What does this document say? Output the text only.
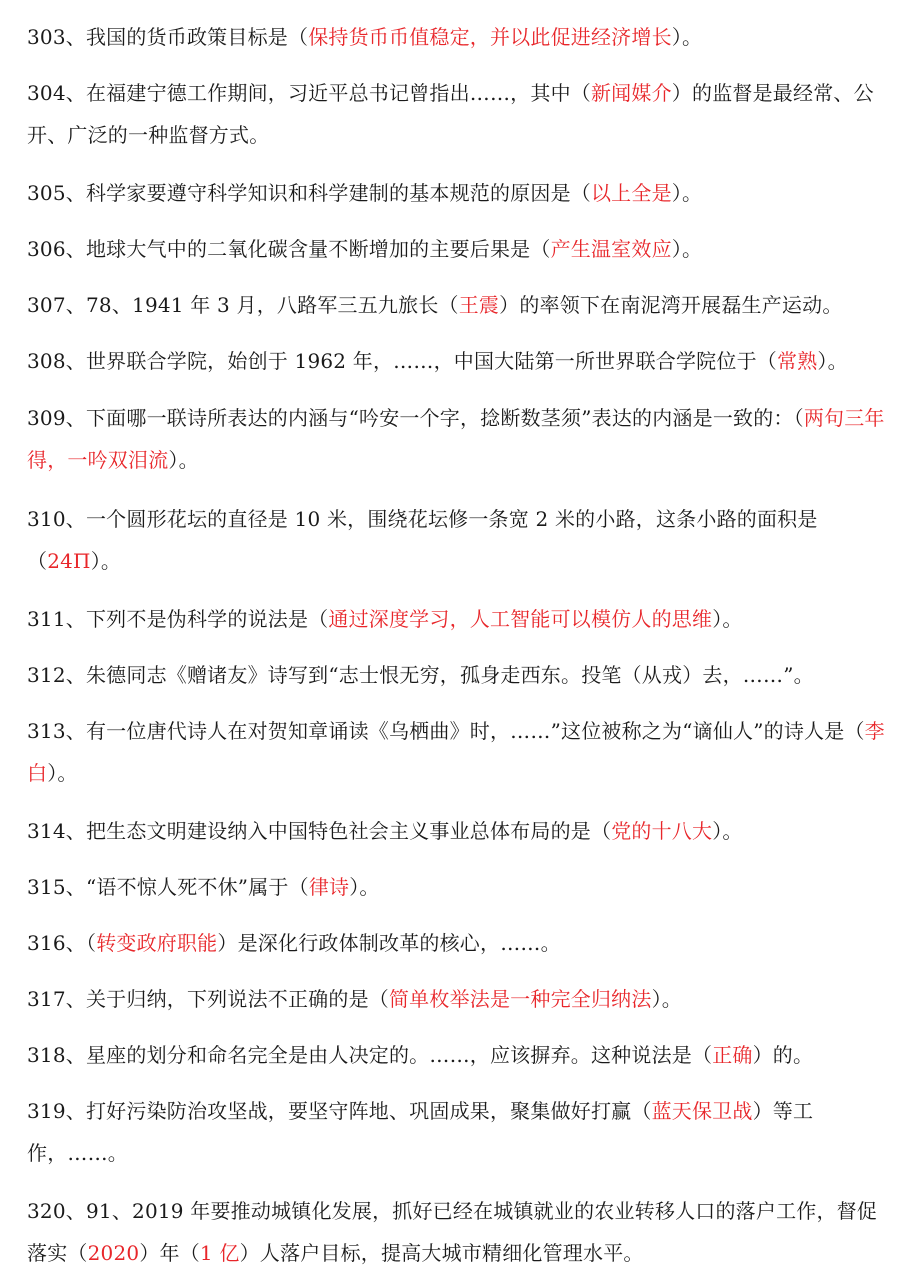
303、我国的货币政策目标是（保持货币币值稳定，并以此促进经济增长）。

304、在福建宁德工作期间，习近平总书记曾指出……，其中（新闻媒介）的监督是最经常、公开、广泛的一种监督方式。

305、科学家要遵守科学知识和科学建制的基本规范的原因是（以上全是）。

306、地球大气中的二氧化碳含量不断增加的主要后果是（产生温室效应）。

307、78、1941 年 3 月，八路军三五九旅长（王震）的率领下在南泥湾开展磊生产运动。

308、世界联合学院，始创于 1962 年，……，中国大陆第一所世界联合学院位于（常熟）。

309、下面哪一联诗所表达的内涵与“吟安一个字，捻断数茎须”表达的内涵是一致的：（两句三年得，一吟双泪流）。

310、一个圆形花坛的直径是 10 米，围绕花坛修一条宽 2 米的小路，这条小路的面积是（24Π）。

311、下列不是伪科学的说法是（通过深度学习，人工智能可以模仿人的思维）。

312、朱德同志《赠诸友》诗写到“志士恨无穷，孤身走西东。投笔（从戎）去，……”。

313、有一位唐代诗人在对贺知章诵读《乌栖曲》时，……”这位被称之为“谪仙人”的诗人是（李白）。

314、把生态文明建设纳入中国特色社会主义事业总体布局的是（党的十八大）。

315、“语不惊人死不休”属于（律诗）。

316、（转变政府职能）是深化行政体制改革的核心，……。

317、关于归纳，下列说法不正确的是（简单枚举法是一种完全归纳法）。

318、星座的划分和命名完全是由人决定的。……，应该摒弃。这种说法是（正确）的。

319、打好污染防治攻坚战，要坚守阵地、巩固成果，聚集做好打赢（蓝天保卫战）等工作，……。

320、91、2019 年要推动城镇化发展，抓好已经在城镇就业的农业转移人口的落户工作，督促落实（2020）年（1 亿）人落户目标，提高大城市精细化管理水平。
